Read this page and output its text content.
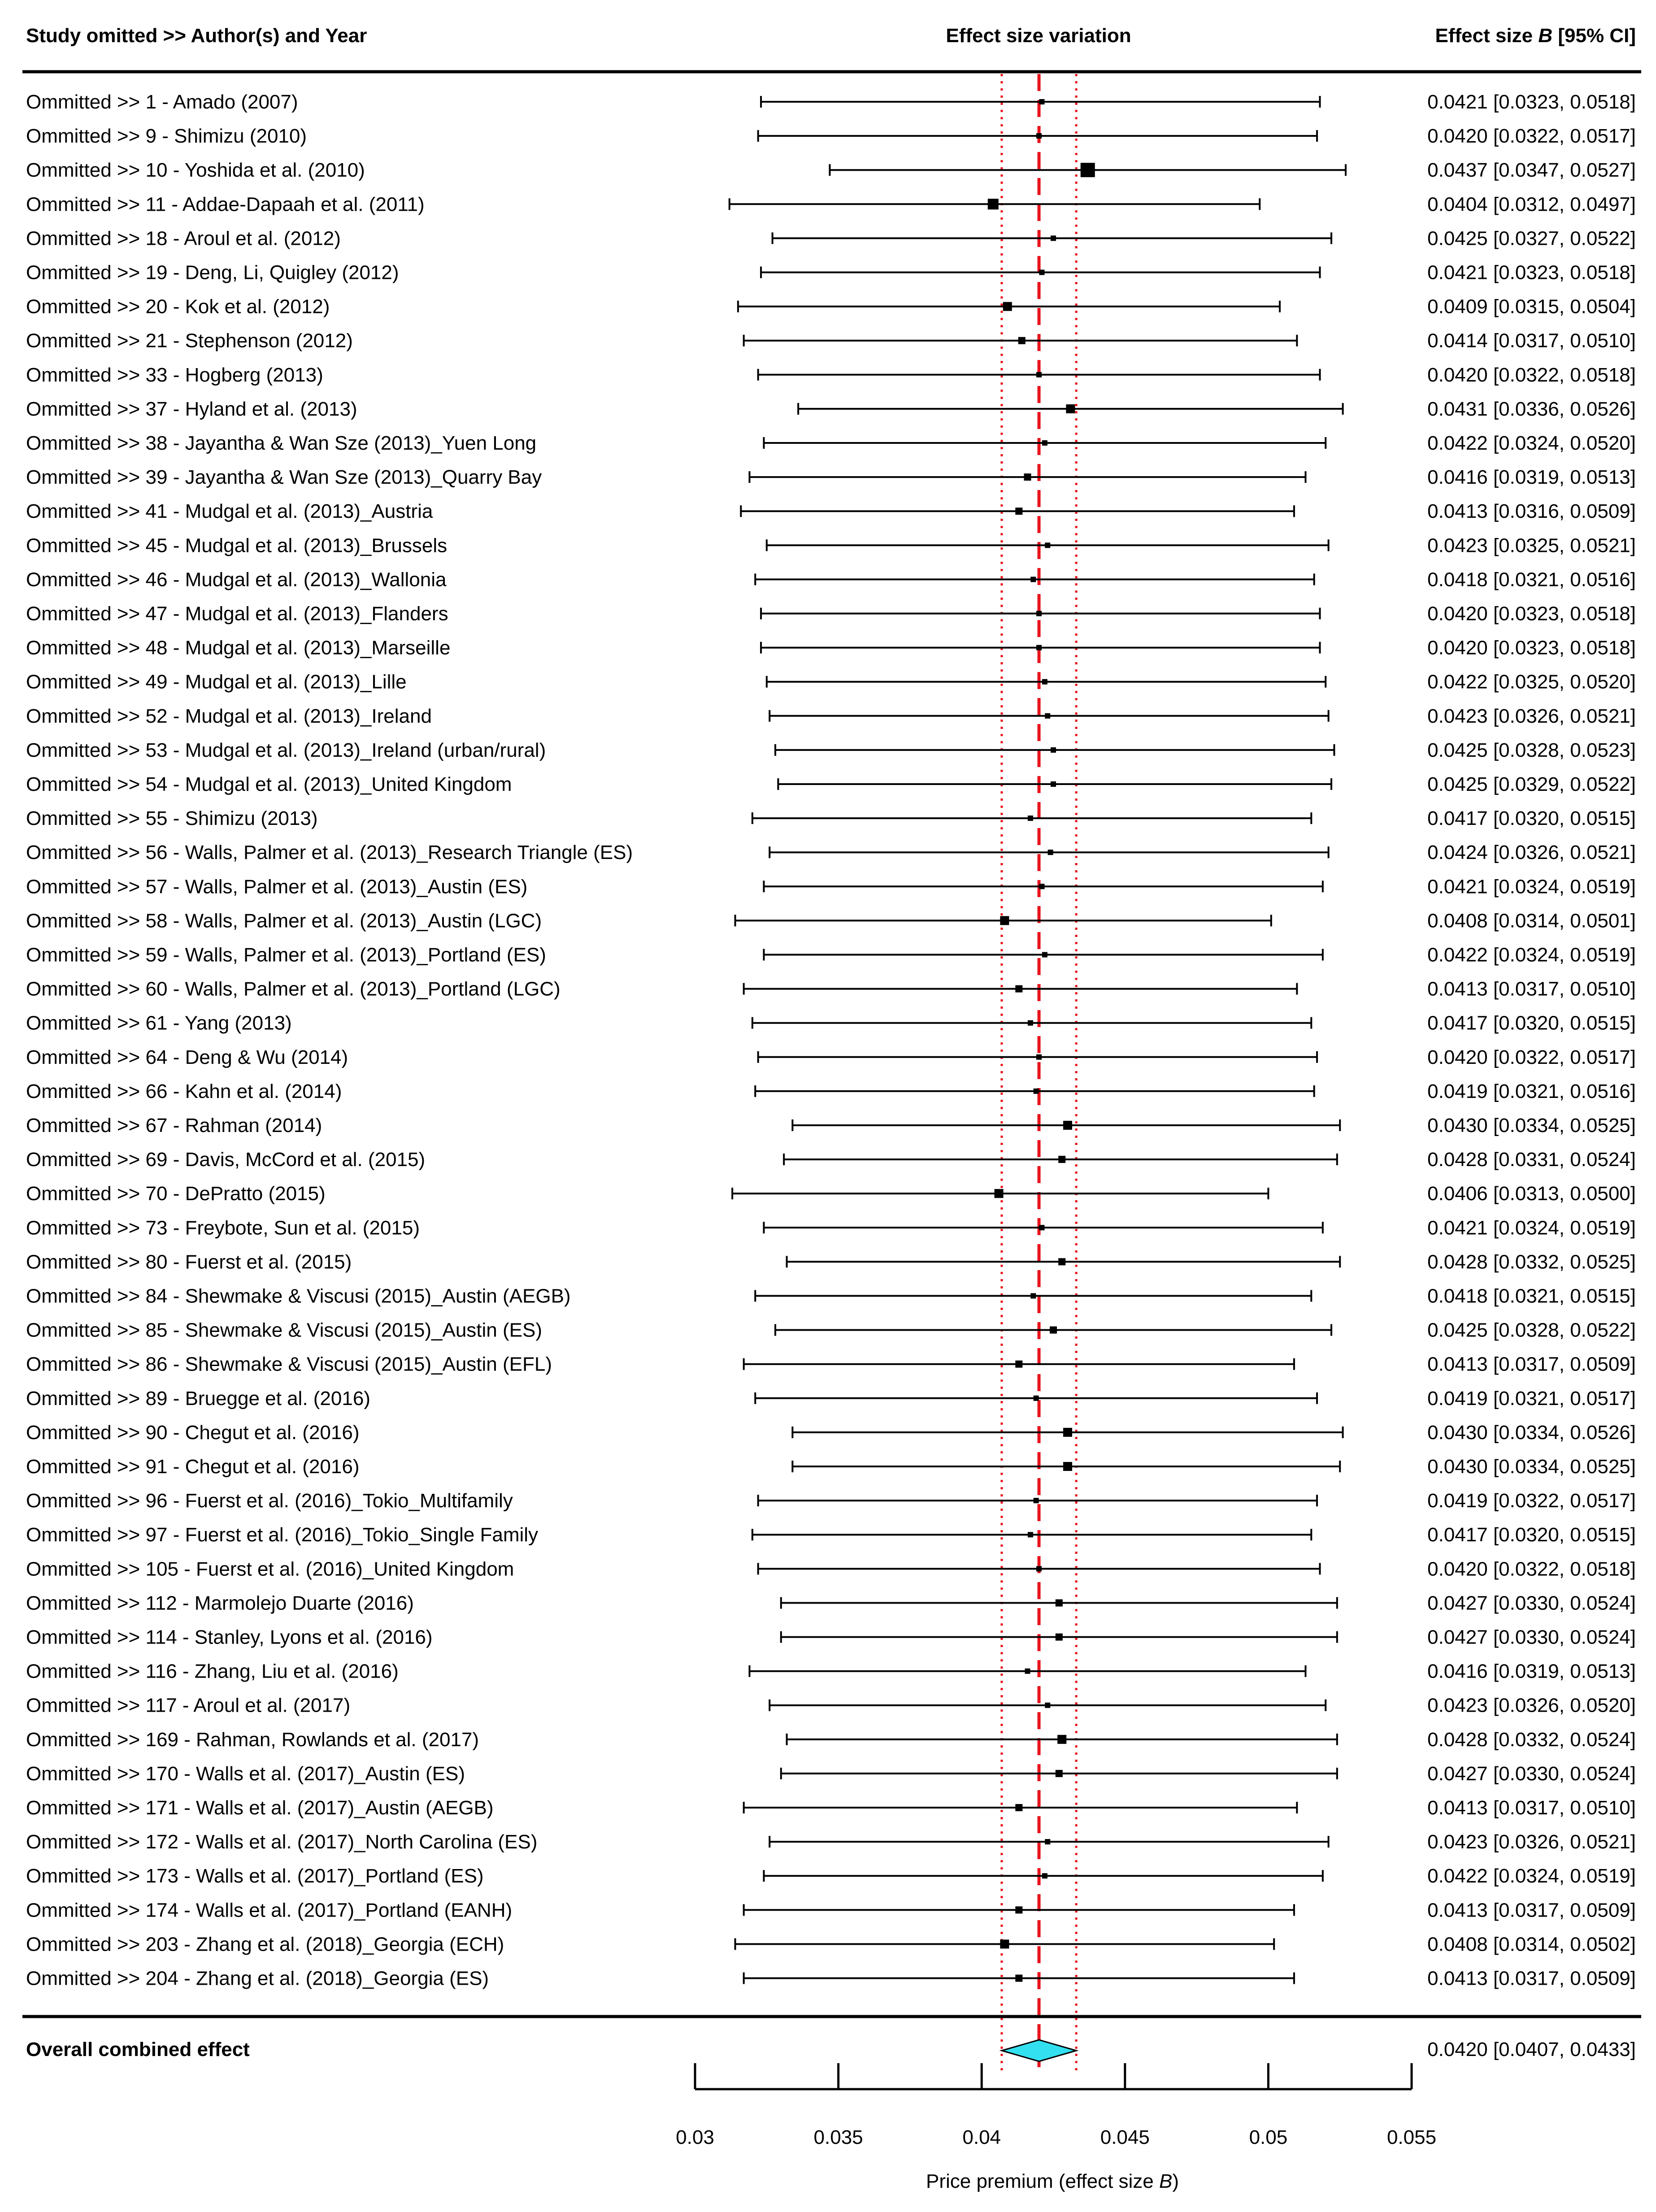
Study omitted >> Author(s) and Year	Effect size variation	Effect size B [95% CI]
Ommitted >> 1 - Amado (2007)	0.0421 [0.0323, 0.0518]
Ommitted >> 9 - Shimizu (2010)	0.0420 [0.0322, 0.0517]
Ommitted >> 10 - Yoshida et al. (2010)	0.0437 [0.0347, 0.0527]
Ommitted >> 11 - Addae-Dapaah et al. (2011)	0.0404 [0.0312, 0.0497]
Ommitted >> 18 - Aroul et al. (2012)	0.0425 [0.0327, 0.0522]
Ommitted >> 19 - Deng, Li, Quigley (2012)	0.0421 [0.0323, 0.0518]
Ommitted >> 20 - Kok et al. (2012)	0.0409 [0.0315, 0.0504]
Ommitted >> 21 - Stephenson (2012)	0.0414 [0.0317, 0.0510]
Ommitted >> 33 - Hogberg (2013)	0.0420 [0.0322, 0.0518]
Ommitted >> 37 - Hyland et al. (2013)	0.0431 [0.0336, 0.0526]
Ommitted >> 38 - Jayantha & Wan Sze (2013)_Yuen Long	0.0422 [0.0324, 0.0520]
Ommitted >> 39 - Jayantha & Wan Sze (2013)_Quarry Bay	0.0416 [0.0319, 0.0513]
Ommitted >> 41 - Mudgal et al. (2013)_Austria	0.0413 [0.0316, 0.0509]
Ommitted >> 45 - Mudgal et al. (2013)_Brussels	0.0423 [0.0325, 0.0521]
Ommitted >> 46 - Mudgal et al. (2013)_Wallonia	0.0418 [0.0321, 0.0516]
Ommitted >> 47 - Mudgal et al. (2013)_Flanders	0.0420 [0.0323, 0.0518]
Ommitted >> 48 - Mudgal et al. (2013)_Marseille	0.0420 [0.0323, 0.0518]
Ommitted >> 49 - Mudgal et al. (2013)_Lille	0.0422 [0.0325, 0.0520]
Ommitted >> 52 - Mudgal et al. (2013)_Ireland	0.0423 [0.0326, 0.0521]
Ommitted >> 53 - Mudgal et al. (2013)_Ireland (urban/rural)	0.0425 [0.0328, 0.0523]
Ommitted >> 54 - Mudgal et al. (2013)_United Kingdom	0.0425 [0.0329, 0.0522]
Ommitted >> 55 - Shimizu (2013)	0.0417 [0.0320, 0.0515]
Ommitted >> 56 - Walls, Palmer et al. (2013)_Research Triangle (ES)	0.0424 [0.0326, 0.0521]
Ommitted >> 57 - Walls, Palmer et al. (2013)_Austin (ES)	0.0421 [0.0324, 0.0519]
Ommitted >> 58 - Walls, Palmer et al. (2013)_Austin (LGC)	0.0408 [0.0314, 0.0501]
Ommitted >> 59 - Walls, Palmer et al. (2013)_Portland (ES)	0.0422 [0.0324, 0.0519]
Ommitted >> 60 - Walls, Palmer et al. (2013)_Portland (LGC)	0.0413 [0.0317, 0.0510]
Ommitted >> 61 - Yang (2013)	0.0417 [0.0320, 0.0515]
Ommitted >> 64 - Deng & Wu (2014)	0.0420 [0.0322, 0.0517]
Ommitted >> 66 - Kahn et al. (2014)	0.0419 [0.0321, 0.0516]
Ommitted >> 67 - Rahman (2014)	0.0430 [0.0334, 0.0525]
Ommitted >> 69 - Davis, McCord et al. (2015)	0.0428 [0.0331, 0.0524]
Ommitted >> 70 - DePratto (2015)	0.0406 [0.0313, 0.0500]
Ommitted >> 73 - Freybote, Sun et al. (2015)	0.0421 [0.0324, 0.0519]
Ommitted >> 80 - Fuerst et al. (2015)	0.0428 [0.0332, 0.0525]
Ommitted >> 84 - Shewmake & Viscusi (2015)_Austin (AEGB)	0.0418 [0.0321, 0.0515]
Ommitted >> 85 - Shewmake & Viscusi (2015)_Austin (ES)	0.0425 [0.0328, 0.0522]
Ommitted >> 86 - Shewmake & Viscusi (2015)_Austin (EFL)	0.0413 [0.0317, 0.0509]
Ommitted >> 89 - Bruegge et al. (2016)	0.0419 [0.0321, 0.0517]
Ommitted >> 90 - Chegut et al. (2016)	0.0430 [0.0334, 0.0526]
Ommitted >> 91 - Chegut et al. (2016)	0.0430 [0.0334, 0.0525]
Ommitted >> 96 - Fuerst et al. (2016)_Tokio_Multifamily	0.0419 [0.0322, 0.0517]
Ommitted >> 97 - Fuerst et al. (2016)_Tokio_Single Family	0.0417 [0.0320, 0.0515]
Ommitted >> 105 - Fuerst et al. (2016)_United Kingdom	0.0420 [0.0322, 0.0518]
Ommitted >> 112 - Marmolejo Duarte (2016)	0.0427 [0.0330, 0.0524]
Ommitted >> 114 - Stanley, Lyons et al. (2016)	0.0427 [0.0330, 0.0524]
Ommitted >> 116 - Zhang, Liu et al. (2016)	0.0416 [0.0319, 0.0513]
Ommitted >> 117 - Aroul et al. (2017)	0.0423 [0.0326, 0.0520]
Ommitted >> 169 - Rahman, Rowlands et al. (2017)	0.0428 [0.0332, 0.0524]
Ommitted >> 170 - Walls et al. (2017)_Austin (ES)	0.0427 [0.0330, 0.0524]
Ommitted >> 171 - Walls et al. (2017)_Austin (AEGB)	0.0413 [0.0317, 0.0510]
Ommitted >> 172 - Walls et al. (2017)_North Carolina (ES)	0.0423 [0.0326, 0.0521]
Ommitted >> 173 - Walls et al. (2017)_Portland (ES)	0.0422 [0.0324, 0.0519]
Ommitted >> 174 - Walls et al. (2017)_Portland (EANH)	0.0413 [0.0317, 0.0509]
Ommitted >> 203 - Zhang et al. (2018)_Georgia (ECH)	0.0408 [0.0314, 0.0502]
Ommitted >> 204 - Zhang et al. (2018)_Georgia (ES)	0.0413 [0.0317, 0.0509]
Overall combined effect	0.0420 [0.0407, 0.0433]
0.03	0.035	0.04	0.045	0.05	0.055
Price premium (effect size B)
